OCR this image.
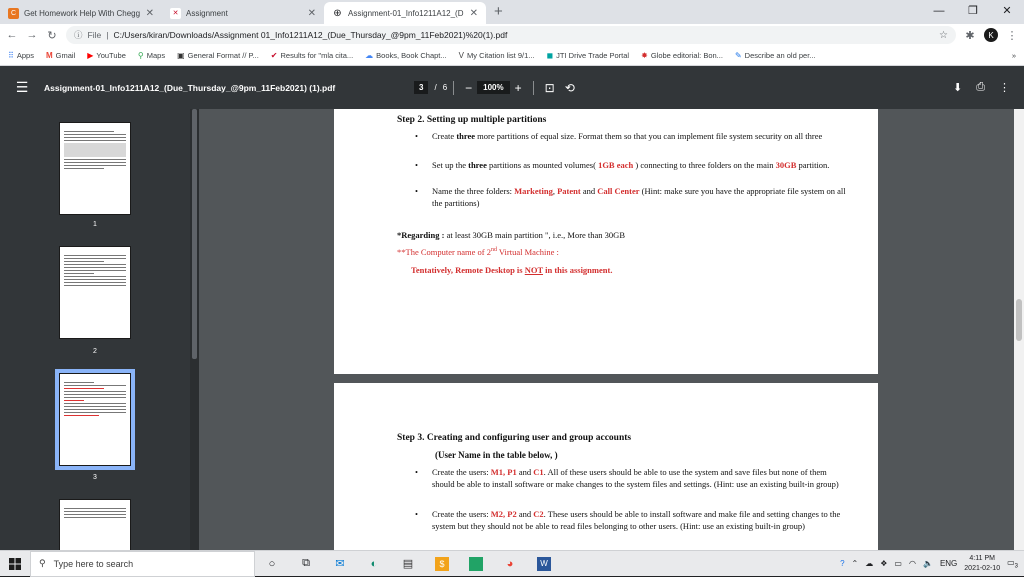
C Get Homework Help With Chegg ✕	✕ Assignment	✕ ⊕ Assignment-01_Info1211A12_(D ✕	+	—	❐	✕
← → ↻ ⓘ File | C:/Users/kiran/Downloads/Assignment 01_Info1211A12_(Due_Thursday_@9pm_11Feb2021)%20(1).pdf	☆ ✱	K	⋮
⠿ Apps M Gmail ▶ YouTube ⚲ Maps ▣ General Format // P... ✔ Results for "mla cita... ☁ Books, Book Chapt... V My Citation list 9/1... ◼ JTI Drive Trade Portal ✸ Globe editorial: Bon... ✎ Describe an old per...	»
☰	Assignment-01_Info1211A12_(Due_Thursday_@9pm_11Feb2021) (1).pdf	3	/ 6	−	100% +	⊡ ⟲	⬇ ⎙ ⋮
1
2
3
Step 2. Setting up multiple partitions
• Create three more partitions of equal size. Format them so that you can implement file system security on all three
• Set up the three partitions as mounted volumes( 1GB each ) connecting to three folders on the main 30GB partition.
• Name the three folders: Marketing, Patent and Call Center (Hint: make sure you have the appropriate file system on all the partitions)
*Regarding : at least 30GB main partition ", i.e., More than 30GB
**The Computer name of 2nd Virtual Machine :
Tentatively, Remote Desktop is NOT in this assignment.
Step 3. Creating and configuring user and group accounts
(User Name in the table below, )
• Create the users: M1, P1 and C1. All of these users should be able to use the system and save files but none of them should be able to install software or make changes to the system files and settings. (Hint: use an existing built-in group)
• Create the users: M2, P2 and C2. These users should be able to install software and make file and setting changes to the system but they should not be able to read files belonging to other users. (Hint: use an existing built-in group)
⚲ Type here to search	○	⧉	✉	◐	▤	$	◕	W	? ⌃ ☁ ❖ ▭ ◠ 🔈 ENG
4:11 PM
2021-02-10
$▭_3$
